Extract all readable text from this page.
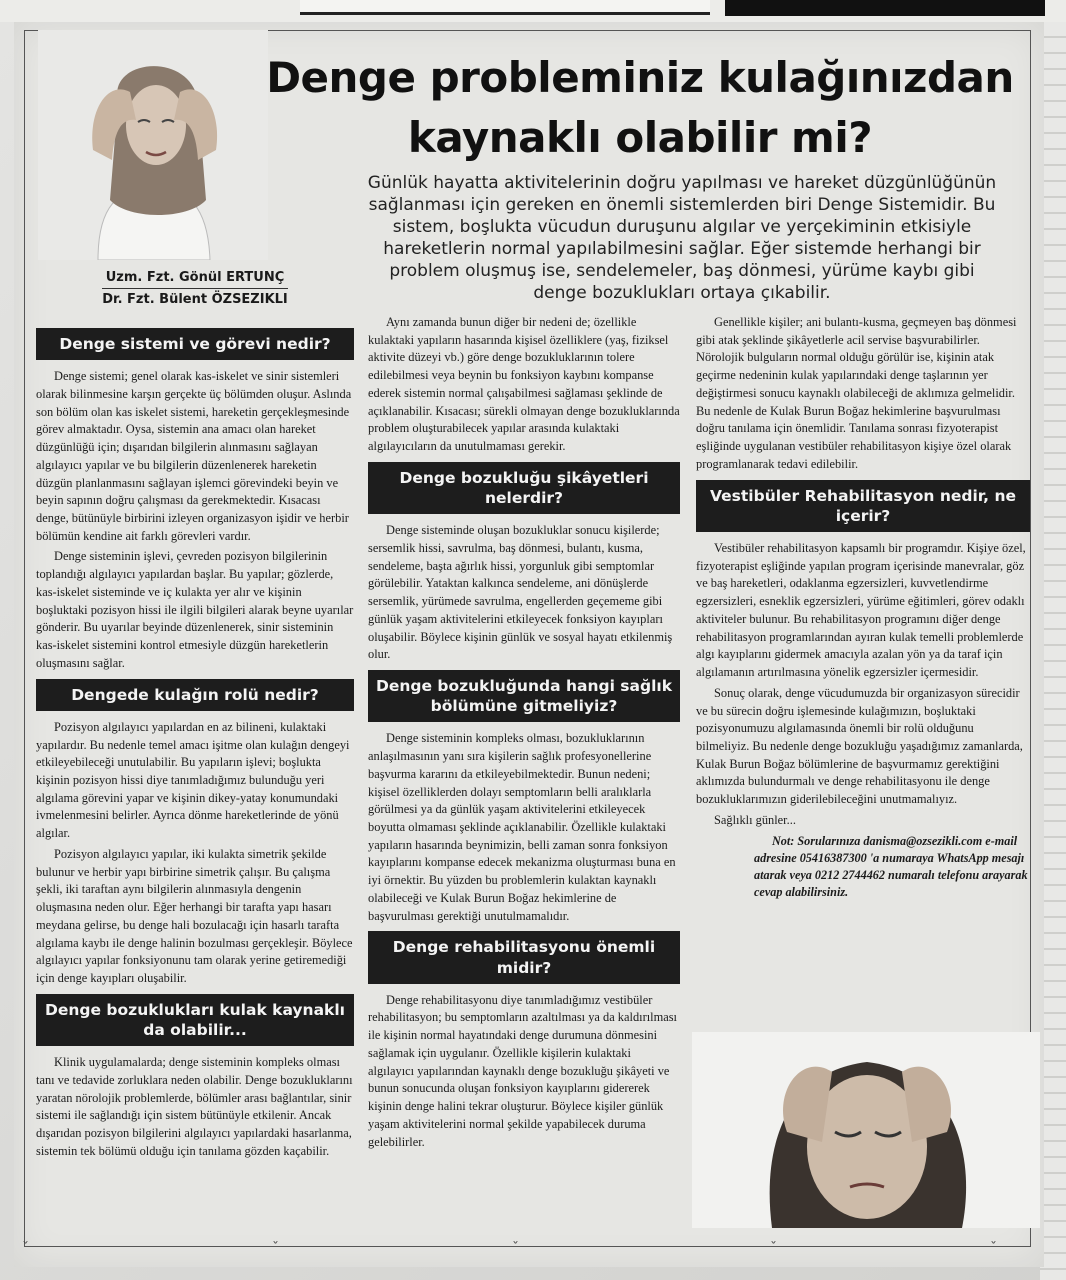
Denge probleminiz kulağınızdan

kaynaklı olabilir mi?
Günlük hayatta aktivitelerinin doğru yapılması ve hareket düzgünlüğünün sağlanması için gereken en önemli sistemlerden biri Denge Sistemidir. Bu sistem, boşlukta vücudun duruşunu algılar ve yerçekiminin etkisiyle hareketlerin normal yapılabilmesini sağlar. Eğer sistemde herhangi bir problem oluşmuş ise, sendelemeler, baş dönmesi, yürüme kaybı gibi denge bozuklukları ortaya çıkabilir.
Uzm. Fzt. Gönül ERTUNÇ
Dr. Fzt. Bülent ÖZSEZIKLI
Denge sistemi ve görevi nedir?

Denge sistemi; genel olarak kas-iskelet ve sinir sistemleri olarak bilinmesine karşın gerçekte üç bölümden oluşur. Aslında son bölüm olan kas iskelet sistemi, hareketin gerçekleşmesinde görev almaktadır. Oysa, sistemin ana amacı olan hareket düzgünlüğü için; dışarıdan bilgilerin alınmasını sağlayan algılayıcı yapılar ve bu bilgilerin düzenlenerek hareketin düzgün planlanmasını sağlayan işlemci görevindeki beyin ve beyin sapının doğru çalışması da gerekmektedir. Kısacası denge, bütünüyle birbirini izleyen organizasyon işidir ve herbir bölümün kendine ait farklı görevleri vardır.

Denge sisteminin işlevi, çevreden pozisyon bilgilerinin toplandığı algılayıcı yapılardan başlar. Bu yapılar; gözlerde, kas-iskelet sisteminde ve iç kulakta yer alır ve kişinin boşluktaki pozisyon hissi ile ilgili bilgileri alarak beyne uyarılar gönderir. Bu uyarılar beyinde düzenlenerek, sinir sisteminin kas-iskelet sistemini kontrol etmesiyle düzgün hareketlerin oluşmasını sağlar.

Dengede kulağın rolü nedir?

Pozisyon algılayıcı yapılardan en az bilineni, kulaktaki yapılardır. Bu nedenle temel amacı işitme olan kulağın dengeyi etkileyebileceği unutulabilir. Bu yapıların işlevi; boşlukta kişinin pozisyon hissi diye tanımladığımız bulunduğu yeri algılama görevini yapar ve kişinin dikey-yatay konumundaki ivmelenmesini belirler. Ayrıca dönme hareketlerinde de yönü algılar.

Pozisyon algılayıcı yapılar, iki kulakta simetrik şekilde bulunur ve herbir yapı birbirine simetrik çalışır. Bu çalışma şekli, iki taraftan aynı bilgilerin alınmasıyla dengenin oluşmasına neden olur. Eğer herhangi bir tarafta yapı hasarı meydana gelirse, bu denge hali bozulacağı için hasarlı tarafta algılama kaybı ile denge halinin bozulması gerçekleşir. Böylece algılayıcı yapılar fonksiyonunu tam olarak yerine getiremediği için denge kayıpları oluşabilir.

Denge bozuklukları kulak kaynaklı da olabilir...

Klinik uygulamalarda; denge sisteminin kompleks olması tanı ve tedavide zorluklara neden olabilir. Denge bozukluklarını yaratan nörolojik problemlerde, bölümler arası bağlantılar, sinir sistemi ile sağlandığı için sistem bütünüyle etkilenir. Ancak dışarıdan pozisyon bilgilerini algılayıcı yapılardaki hasarlanma, sistemin tek bölümü olduğu için tanılama gözden kaçabilir.

Aynı zamanda bunun diğer bir nedeni de; özellikle kulaktaki yapıların hasarında kişisel özelliklere (yaş, fiziksel aktivite düzeyi vb.) göre denge bozukluklarının tolere edilebilmesi veya beynin bu fonksiyon kaybını kompanse ederek sistemin normal çalışabilmesi sağlaması şeklinde de açıklanabilir. Kısacası; sürekli olmayan denge bozukluklarında problem oluşturabilecek yapılar arasında kulaktaki algılayıcıların da unutulmaması gerekir.

Denge bozukluğu şikâyetleri nelerdir?

Denge sisteminde oluşan bozukluklar sonucu kişilerde; sersemlik hissi, savrulma, baş dönmesi, bulantı, kusma, sendeleme, başta ağırlık hissi, yorgunluk gibi semptomlar görülebilir. Yataktan kalkınca sendeleme, ani dönüşlerde sersemlik, yürümede savrulma, engellerden geçememe gibi günlük yaşam aktivitelerini etkileyecek fonksiyon kayıpları oluşabilir. Böylece kişinin günlük ve sosyal hayatı etkilenmiş olur.

Denge bozukluğunda hangi sağlık bölümüne gitmeliyiz?

Denge sisteminin kompleks olması, bozukluklarının anlaşılmasının yanı sıra kişilerin sağlık profesyonellerine başvurma kararını da etkileyebilmektedir. Bunun nedeni; kişisel özelliklerden dolayı semptomların belli aralıklarla görülmesi ya da günlük yaşam aktivitelerini etkileyecek boyutta olmaması şeklinde açıklanabilir. Özellikle kulaktaki yapıların hasarında beynimizin, belli zaman sonra fonksiyon kayıplarını kompanse edecek mekanizma oluşturması buna en iyi örnektir. Bu yüzden bu problemlerin kulaktan kaynaklı olabileceği ve Kulak Burun Boğaz hekimlerine de başvurulması gerektiği unutulmamalıdır.

Denge rehabilitasyonu önemli midir?

Denge rehabilitasyonu diye tanımladığımız vestibüler rehabilitasyon; bu semptomların azaltılması ya da kaldırılması ile kişinin normal hayatındaki denge durumuna dönmesini sağlamak için uygulanır. Özellikle kişilerin kulaktaki algılayıcı yapılarından kaynaklı denge bozukluğu şikâyeti ve bunun sonucunda oluşan fonksiyon kayıplarını gidererek kişinin denge halini tekrar oluşturur. Böylece kişiler günlük yaşam aktivitelerini normal şekilde yapabilecek duruma gelebilirler.

Genellikle kişiler; ani bulantı-kusma, geçmeyen baş dönmesi gibi atak şeklinde şikâyetlerle acil servise başvurabilirler. Nörolojik bulguların normal olduğu görülür ise, kişinin atak geçirme nedeninin kulak yapılarındaki denge taşlarının yer değiştirmesi sonucu kaynaklı olabileceği de aklımıza gelmelidir. Bu nedenle de Kulak Burun Boğaz hekimlerine başvurulması doğru tanılama için önemlidir. Tanılama sonrası fizyoterapist eşliğinde uygulanan vestibüler rehabilitasyon kişiye özel olarak programlanarak tedavi edilebilir.

Vestibüler Rehabilitasyon nedir, ne içerir?

Vestibüler rehabilitasyon kapsamlı bir programdır. Kişiye özel, fizyoterapist eşliğinde yapılan program içerisinde manevralar, göz ve baş hareketleri, odaklanma egzersizleri, kuvvetlendirme egzersizleri, esneklik egzersizleri, yürüme eğitimleri, görev odaklı aktiviteler bulunur. Bu rehabilitasyon programını diğer denge rehabilitasyon programlarından ayıran kulak temelli problemlerde algı kayıplarını gidermek amacıyla azalan yön ya da taraf için algılamanın artırılmasına yönelik egzersizler içermesidir.

Sonuç olarak, denge vücudumuzda bir organizasyon sürecidir ve bu sürecin doğru işlemesinde kulağımızın, boşluktaki pozisyonumuzu algılamasında önemli bir rolü olduğunu bilmeliyiz. Bu nedenle denge bozukluğu yaşadığımız zamanlarda, Kulak Burun Boğaz bölümlerine de başvurmamız gerektiğini aklımızda bulundurmalı ve denge rehabilitasyonu ile denge bozukluklarımızın giderilebileceğini unutmamalıyız.

Sağlıklı günler...

Not: Sorularınıza danisma@ozsezikli.com e-mail adresine 05416387300 'a numaraya WhatsApp mesajı atarak veya 0212 2744462 numaralı telefonu arayarak cevap alabilirsiniz.

ˇ	ˇ	ˇ	ˇ	ˇ
